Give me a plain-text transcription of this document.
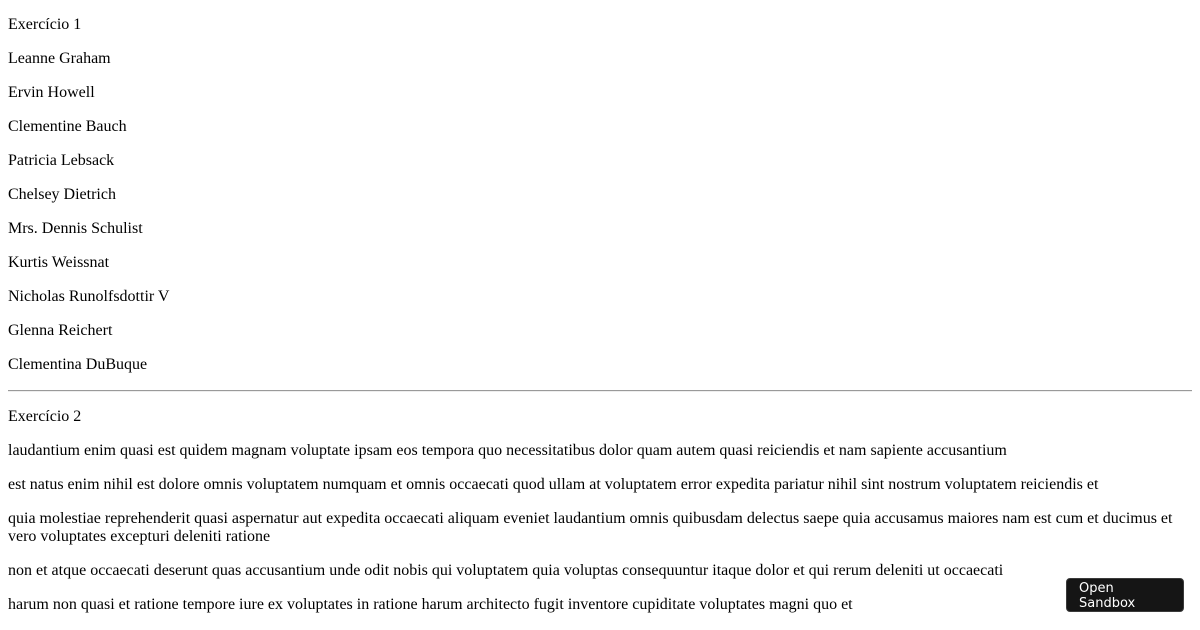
Exercício 1

Leanne Graham

Ervin Howell

Clementine Bauch

Patricia Lebsack

Chelsey Dietrich

Mrs. Dennis Schulist

Kurtis Weissnat

Nicholas Runolfsdottir V

Glenna Reichert

Clementina DuBuque

Exercício 2

laudantium enim quasi est quidem magnam voluptate ipsam eos tempora quo necessitatibus dolor quam autem quasi reiciendis et nam sapiente accusantium

est natus enim nihil est dolore omnis voluptatem numquam et omnis occaecati quod ullam at voluptatem error expedita pariatur nihil sint nostrum voluptatem reiciendis et

quia molestiae reprehenderit quasi aspernatur aut expedita occaecati aliquam eveniet laudantium omnis quibusdam delectus saepe quia accusamus maiores nam est cum et ducimus et vero voluptates excepturi deleniti ratione

non et atque occaecati deserunt quas accusantium unde odit nobis qui voluptatem quia voluptas consequuntur itaque dolor et qui rerum deleniti ut occaecati

harum non quasi et ratione tempore iure ex voluptates in ratione harum architecto fugit inventore cupiditate voluptates magni quo et

Open Sandbox
